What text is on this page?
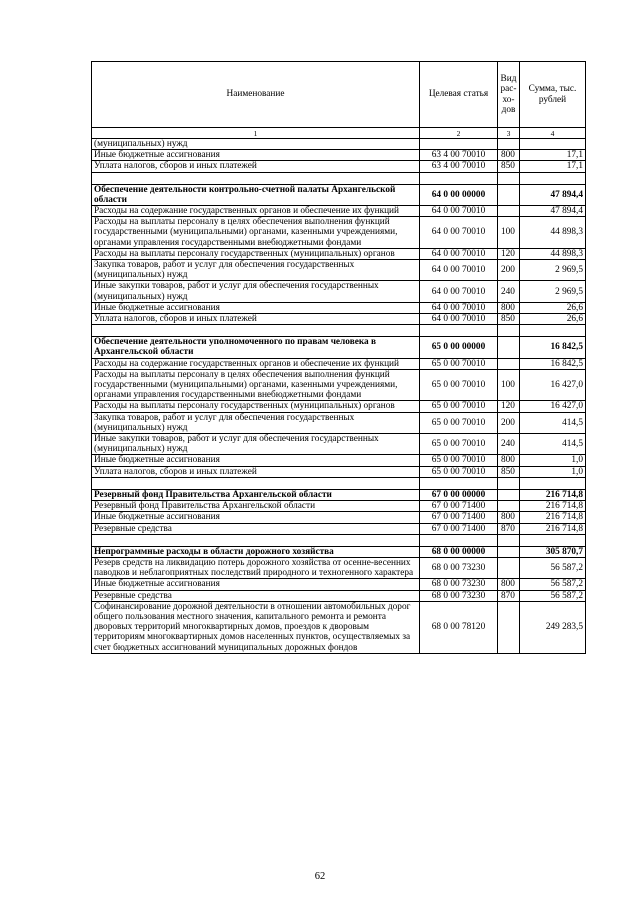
Наименование	Целевая статья	Вид рас-хо-дов	Сумма, тыс. рублей
1	2	3	4
(муниципальных) нужд			
Иные бюджетные ассигнования	63 4 00 70010	800	17,1
Уплата налогов, сборов и иных платежей	63 4 00 70010	850	17,1

Обеспечение деятельности контрольно-счетной палаты Архангельской области	64 0 00 00000		47 894,4
Расходы на содержание государственных органов и обеспечение их функций	64 0 00 70010		47 894,4
Расходы на выплаты персоналу в целях обеспечения выполнения функций государственными (муниципальными) органами, казенными учреждениями, органами управления государственными внебюджетными фондами	64 0 00 70010	100	44 898,3
Расходы на выплаты персоналу государственных (муниципальных) органов	64 0 00 70010	120	44 898,3
Закупка товаров, работ и услуг для обеспечения государственных (муниципальных) нужд	64 0 00 70010	200	2 969,5
Иные закупки товаров, работ и услуг для обеспечения государственных (муниципальных) нужд	64 0 00 70010	240	2 969,5
Иные бюджетные ассигнования	64 0 00 70010	800	26,6
Уплата налогов, сборов и иных платежей	64 0 00 70010	850	26,6

Обеспечение деятельности уполномоченного по правам человека в Архангельской области	65 0 00 00000		16 842,5
Расходы на содержание государственных органов и обеспечение их функций	65 0 00 70010		16 842,5
Расходы на выплаты персоналу в целях обеспечения выполнения функций государственными (муниципальными) органами, казенными учреждениями, органами управления государственными внебюджетными фондами	65 0 00 70010	100	16 427,0
Расходы на выплаты персоналу государственных (муниципальных) органов	65 0 00 70010	120	16 427,0
Закупка товаров, работ и услуг для обеспечения государственных (муниципальных) нужд	65 0 00 70010	200	414,5
Иные закупки товаров, работ и услуг для обеспечения государственных (муниципальных) нужд	65 0 00 70010	240	414,5
Иные бюджетные ассигнования	65 0 00 70010	800	1,0
Уплата налогов, сборов и иных платежей	65 0 00 70010	850	1,0

Резервный фонд Правительства Архангельской области	67 0 00 00000		216 714,8
Резервный фонд Правительства Архангельской области	67 0 00 71400		216 714,8
Иные бюджетные ассигнования	67 0 00 71400	800	216 714,8
Резервные средства	67 0 00 71400	870	216 714,8

Непрограммные расходы в области дорожного хозяйства	68 0 00 00000		305 870,7
Резерв средств на ликвидацию потерь дорожного хозяйства от осенне-весенних паводков и неблагоприятных последствий природного и техногенного характера	68 0 00 73230		56 587,2
Иные бюджетные ассигнования	68 0 00 73230	800	56 587,2
Резервные средства	68 0 00 73230	870	56 587,2
Софинансирование дорожной деятельности в отношении автомобильных дорог общего пользования местного значения, капитального ремонта и ремонта дворовых территорий многоквартирных домов, проездов к дворовым территориям многоквартирных домов населенных пунктов, осуществляемых за счет бюджетных ассигнований муниципальных дорожных фондов	68 0 00 78120		249 283,5
62
